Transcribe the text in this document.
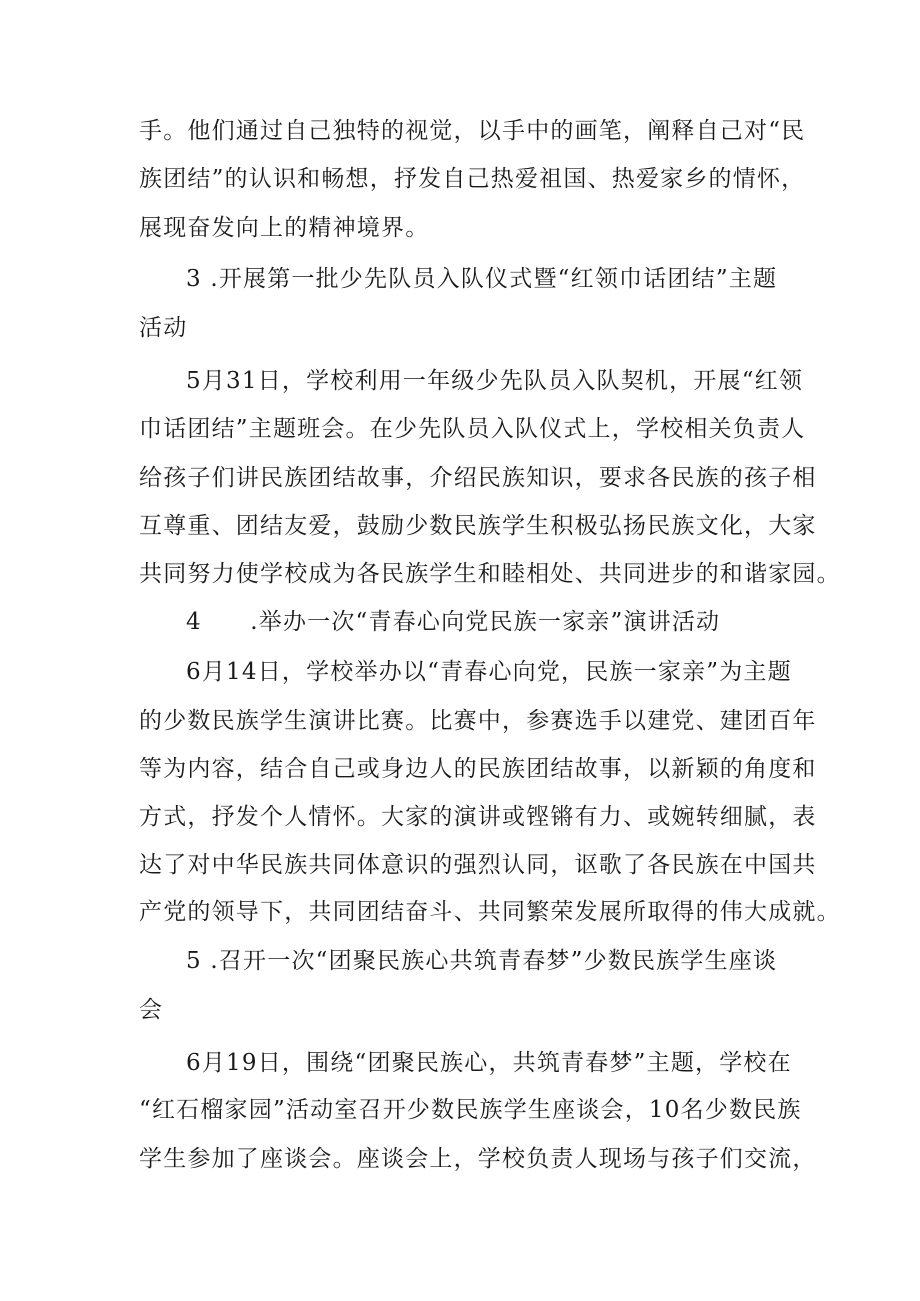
手。他们通过自己独特的视觉，以手中的画笔，阐释自己对“民
族团结”的认识和畅想，抒发自己热爱祖国、热爱家乡的情怀，
展现奋发向上的精神境界。
3 .开展第一批少先队员入队仪式暨“红领巾话团结”主题
活动
5月31日，学校利用一年级少先队员入队契机，开展“红领
巾话团结”主题班会。在少先队员入队仪式上，学校相关负责人
给孩子们讲民族团结故事，介绍民族知识，要求各民族的孩子相
互尊重、团结友爱，鼓励少数民族学生积极弘扬民族文化，大家
共同努力使学校成为各民族学生和睦相处、共同进步的和谐家园。
4  .举办一次“青春心向党民族一家亲”演讲活动
6月14日，学校举办以“青春心向党，民族一家亲”为主题
的少数民族学生演讲比赛。比赛中，参赛选手以建党、建团百年
等为内容，结合自己或身边人的民族团结故事，以新颖的角度和
方式，抒发个人情怀。大家的演讲或铿锵有力、或婉转细腻，表
达了对中华民族共同体意识的强烈认同，讴歌了各民族在中国共
产党的领导下，共同团结奋斗、共同繁荣发展所取得的伟大成就。
5 .召开一次“团聚民族心共筑青春梦”少数民族学生座谈
会
6月19日，围绕“团聚民族心，共筑青春梦”主题，学校在
“红石榴家园”活动室召开少数民族学生座谈会，10名少数民族
学生参加了座谈会。座谈会上，学校负责人现场与孩子们交流，
